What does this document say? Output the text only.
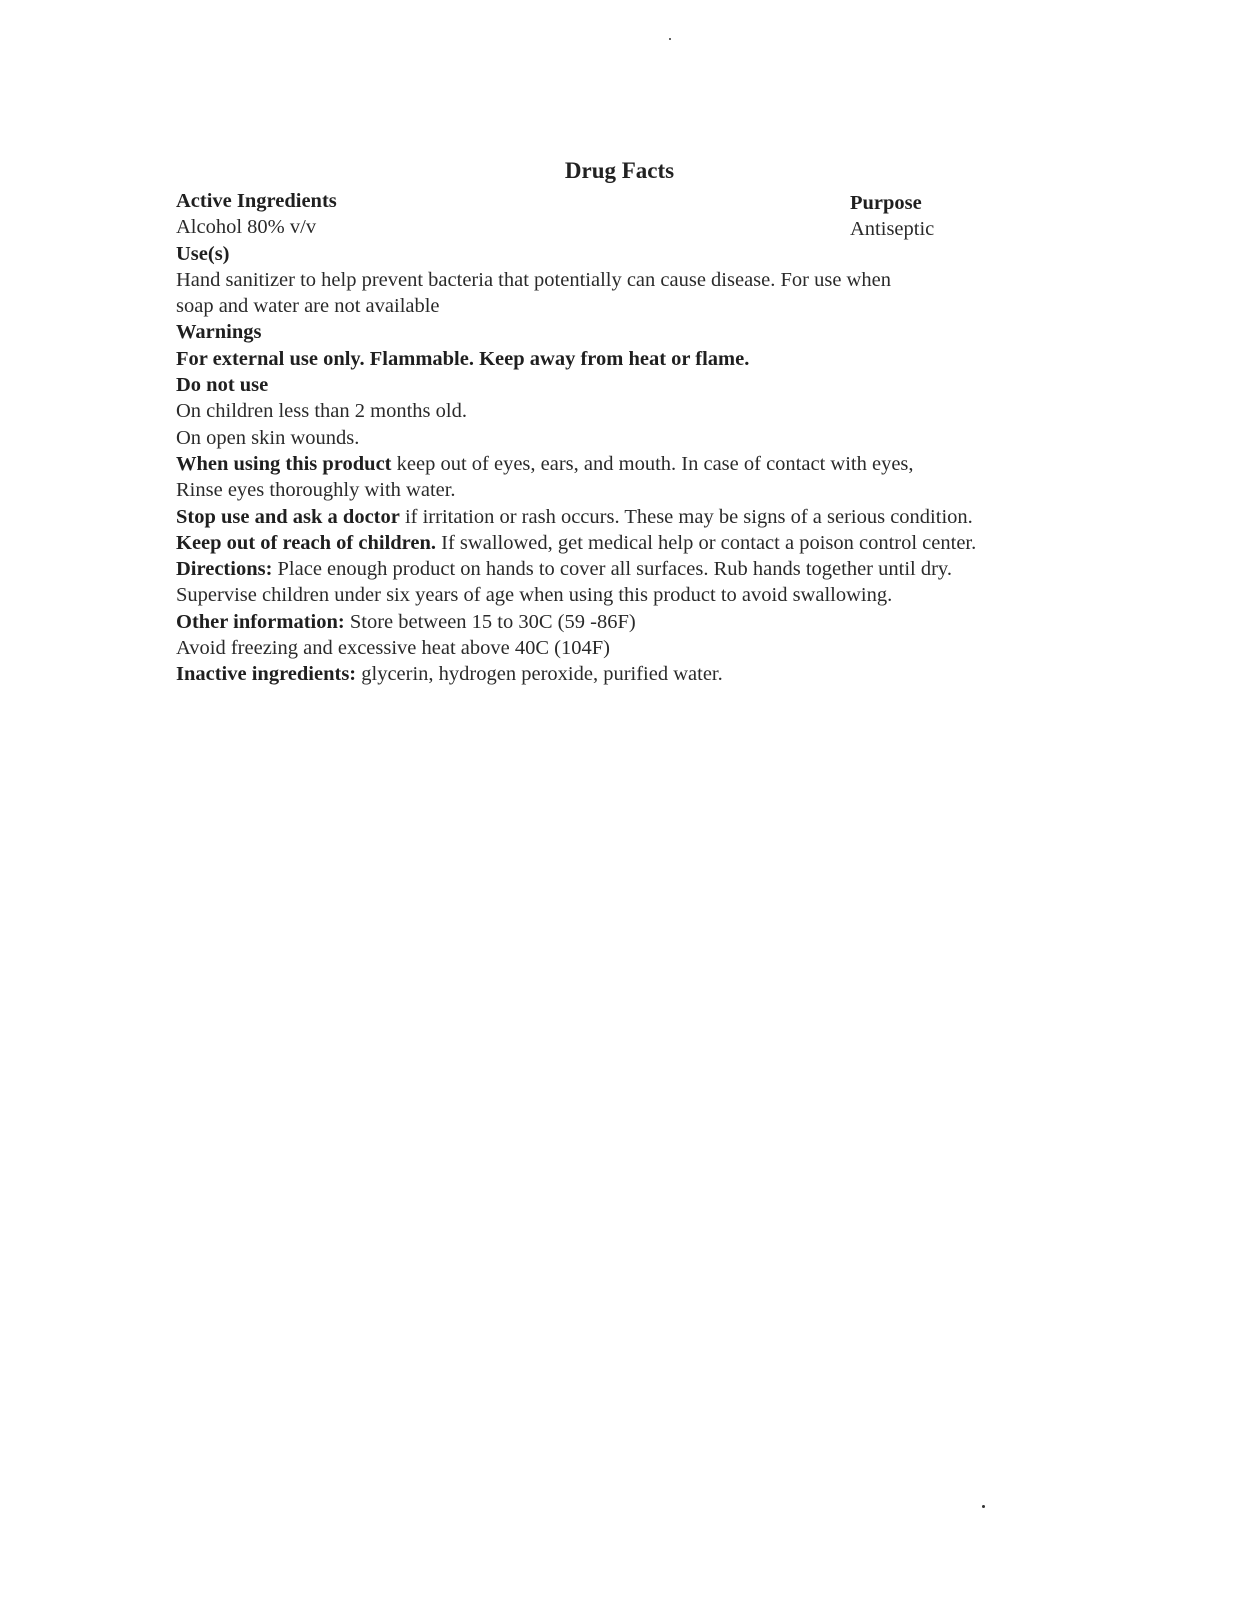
Drug Facts
Active Ingredients	Purpose
Alcohol 80% v/v	Antiseptic
Use(s)
Hand sanitizer to help prevent bacteria that potentially can cause disease. For use when
soap and water are not available
Warnings
For external use only. Flammable. Keep away from heat or flame.
Do not use
On children less than 2 months old.
On open skin wounds.
When using this product keep out of eyes, ears, and mouth. In case of contact with eyes,
Rinse eyes thoroughly with water.
Stop use and ask a doctor if irritation or rash occurs. These may be signs of a serious condition.
Keep out of reach of children. If swallowed, get medical help or contact a poison control center.
Directions: Place enough product on hands to cover all surfaces. Rub hands together until dry.
Supervise children under six years of age when using this product to avoid swallowing.
Other information: Store between 15 to 30C (59 -86F)
Avoid freezing and excessive heat above 40C (104F)
Inactive ingredients: glycerin, hydrogen peroxide, purified water.
